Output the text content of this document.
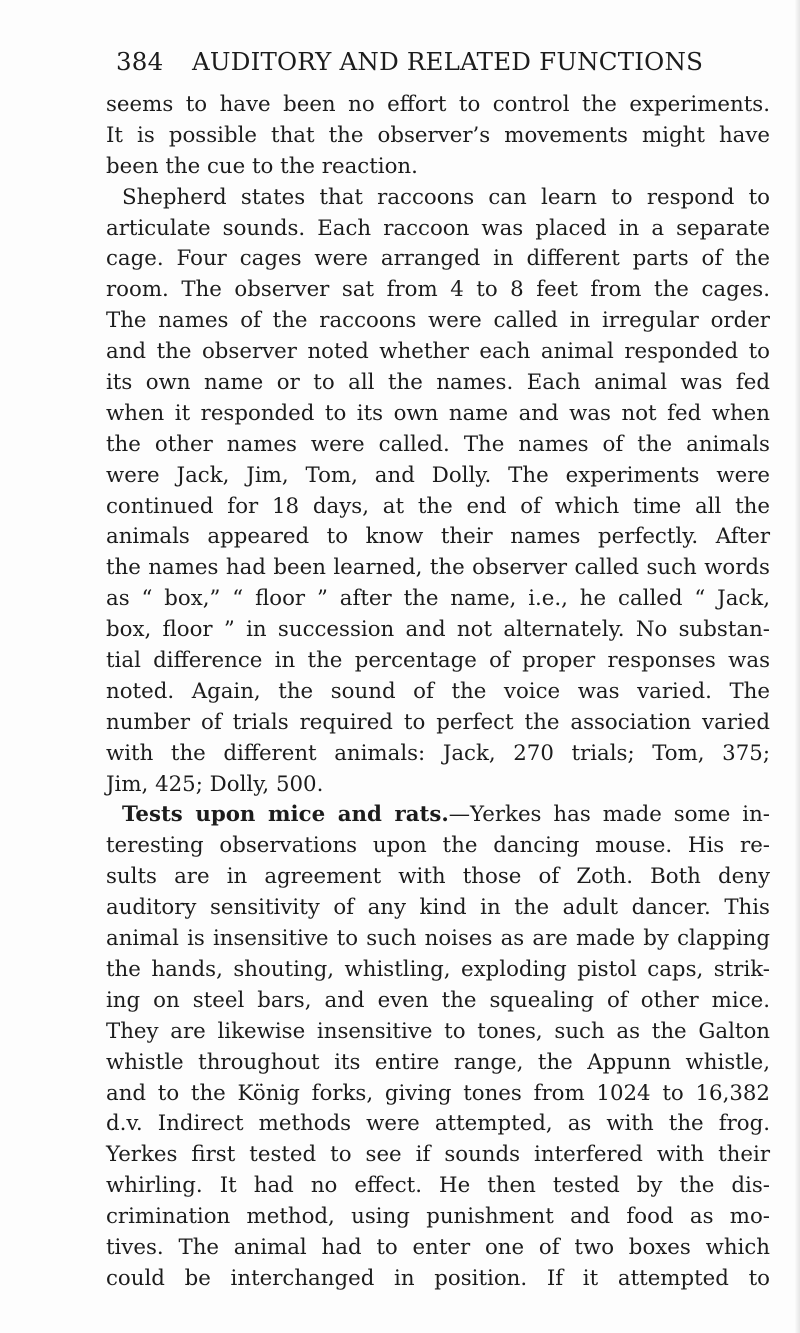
384 AUDITORY AND RELATED FUNCTIONS
seems to have been no effort to control the experiments.
It is possible that the observer’s movements might have
been the cue to the reaction.
Shepherd states that raccoons can learn to respond to
articulate sounds. Each raccoon was placed in a separate
cage. Four cages were arranged in different parts of the
room. The observer sat from 4 to 8 feet from the cages.
The names of the raccoons were called in irregular order
and the observer noted whether each animal responded to
its own name or to all the names. Each animal was fed
when it responded to its own name and was not fed when
the other names were called. The names of the animals
were Jack, Jim, Tom, and Dolly. The experiments were
continued for 18 days, at the end of which time all the
animals appeared to know their names perfectly. After
the names had been learned, the observer called such words
as “ box,” “ floor ” after the name, i.e., he called “ Jack,
box, floor ” in succession and not alternately. No substan-
tial difference in the percentage of proper responses was
noted. Again, the sound of the voice was varied. The
number of trials required to perfect the association varied
with the different animals: Jack, 270 trials; Tom, 375;
Jim, 425; Dolly, 500.
Tests upon mice and rats.—Yerkes has made some in-
teresting observations upon the dancing mouse. His re-
sults are in agreement with those of Zoth. Both deny
auditory sensitivity of any kind in the adult dancer. This
animal is insensitive to such noises as are made by clapping
the hands, shouting, whistling, exploding pistol caps, strik-
ing on steel bars, and even the squealing of other mice.
They are likewise insensitive to tones, such as the Galton
whistle throughout its entire range, the Appunn whistle,
and to the König forks, giving tones from 1024 to 16,382
d.v. Indirect methods were attempted, as with the frog.
Yerkes first tested to see if sounds interfered with their
whirling. It had no effect. He then tested by the dis-
crimination method, using punishment and food as mo-
tives. The animal had to enter one of two boxes which
could be interchanged in position. If it attempted to
